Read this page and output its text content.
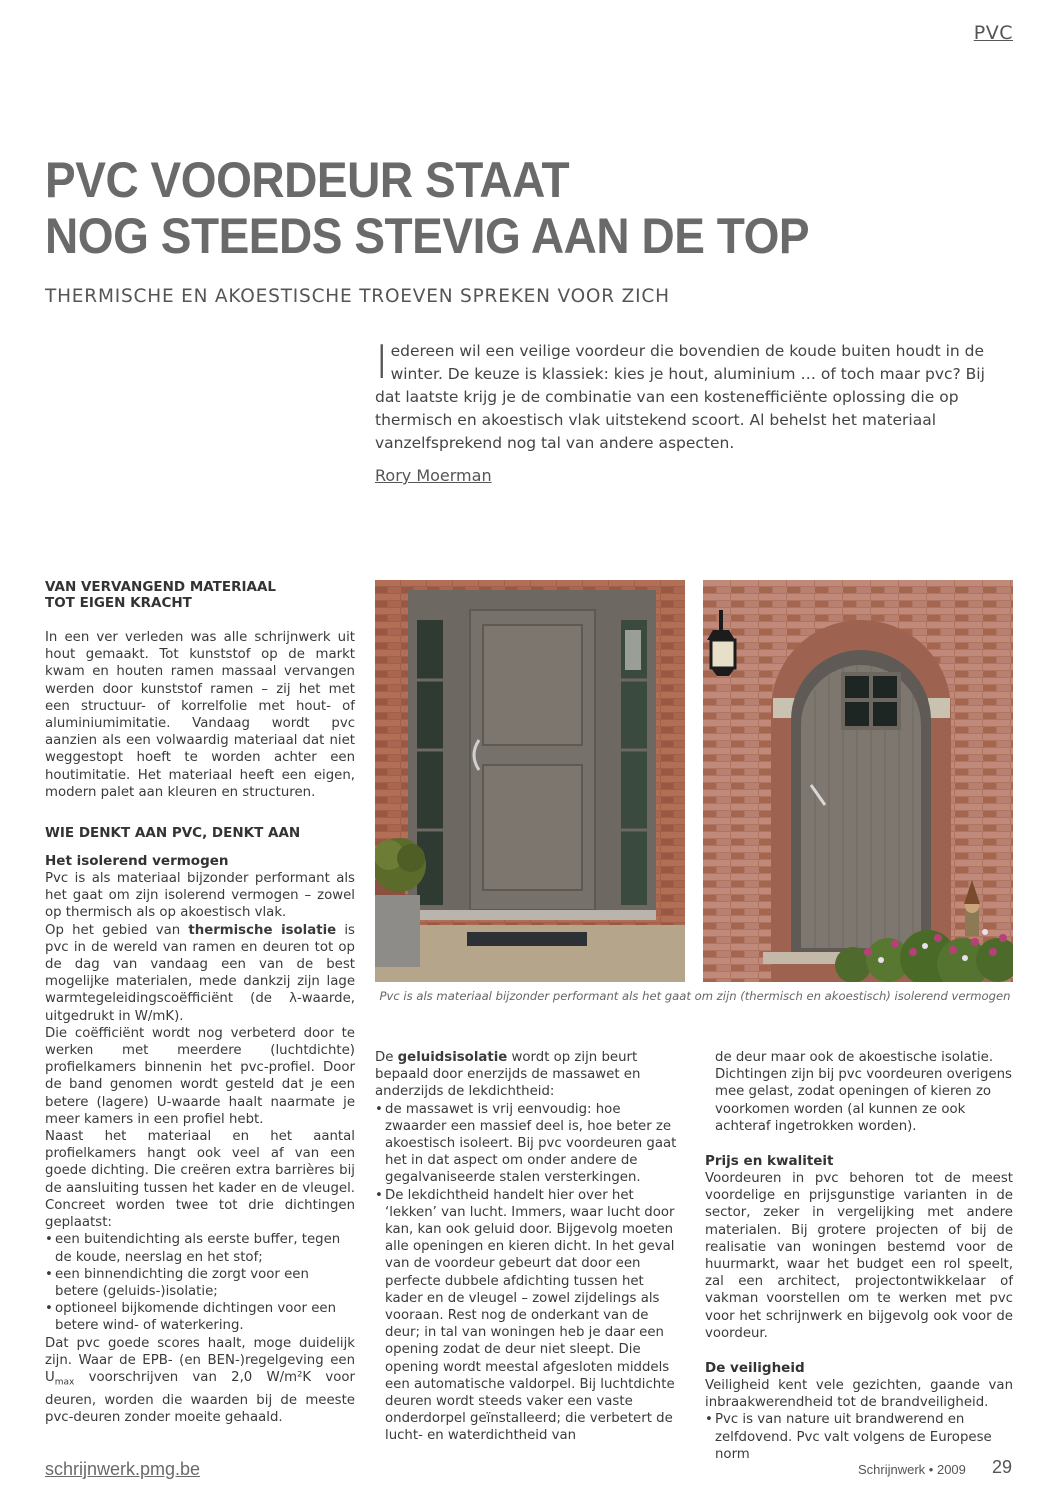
PVC
PVC VOORDEUR STAAT
NOG STEEDS STEVIG AAN DE TOP
THERMISCHE EN AKOESTISCHE TROEVEN SPREKEN VOOR ZICH
I edereen wil een veilige voordeur die bovendien de koude buiten houdt in de winter. De keuze is klassiek: kies je hout, aluminium … of toch maar pvc? Bij dat laatste krijg je de combinatie van een kostenefficiënte oplossing die op thermisch en akoestisch vlak uitstekend scoort. Al behelst het materiaal vanzelfsprekend nog tal van andere aspecten.
Rory Moerman
VAN VERVANGEND MATERIAAL TOT EIGEN KRACHT

In een ver verleden was alle schrijnwerk uit hout gemaakt. Tot kunststof op de markt kwam en houten ramen massaal vervangen werden door kunststof ramen – zij het met een structuur- of korrelfolie met hout- of aluminiumimitatie. Vandaag wordt pvc aanzien als een volwaardig materiaal dat niet weggestopt hoeft te worden achter een houtimitatie. Het materiaal heeft een eigen, modern palet aan kleuren en structuren.

WIE DENKT AAN PVC, DENKT AAN
Het isolerend vermogen

Pvc is als materiaal bijzonder performant als het gaat om zijn isolerend vermogen – zowel op thermisch als op akoestisch vlak.

Op het gebied van thermische isolatie is pvc in de wereld van ramen en deuren tot op de dag van vandaag een van de best mogelijke materialen, mede dankzij zijn lage warmtegeleidingscoëfficiënt (de λ-waarde, uitgedrukt in W/mK).

Die coëfficiënt wordt nog verbeterd door te werken met meerdere (luchtdichte) profielkamers binnenin het pvc-profiel. Door de band genomen wordt gesteld dat je een betere (lagere) U-waarde haalt naarmate je meer kamers in een profiel hebt.

Naast het materiaal en het aantal profielkamers hangt ook veel af van een goede dichting. Die creëren extra barrières bij de aansluiting tussen het kader en de vleugel. Concreet worden twee tot drie dichtingen geplaatst:

• een buitendichting als eerste buffer, tegen de koude, neerslag en het stof;
• een binnendichting die zorgt voor een betere (geluids-)isolatie;
• optioneel bijkomende dichtingen voor een betere wind- of waterkering.

Dat pvc goede scores haalt, moge duidelijk zijn. Waar de EPB- (en BEN-)regelgeving een $U_{max}$ voorschrijven van 2,0 W/m²K voor deuren, worden die waarden bij de meeste pvc-deuren zonder moeite gehaald.

Pvc is als materiaal bijzonder performant als het gaat om zijn (thermisch en akoestisch) isolerend vermogen

De geluidsisolatie wordt op zijn beurt bepaald door enerzijds de massawet en anderzijds de lekdichtheid:

• de massawet is vrij eenvoudig: hoe zwaarder een massief deel is, hoe beter ze akoestisch isoleert. Bij pvc voordeuren gaat het in dat aspect om onder andere de gegalvaniseerde stalen versterkingen.
• De lekdichtheid handelt hier over het ‘lekken’ van lucht. Immers, waar lucht door kan, kan ook geluid door. Bijgevolg moeten alle openingen en kieren dicht. In het geval van de voordeur gebeurt dat door een perfecte dubbele afdichting tussen het kader en de vleugel – zowel zijdelings als vooraan. Rest nog de onderkant van de deur; in tal van woningen heb je daar een opening zodat de deur niet sleept. Die opening wordt meestal afgesloten middels een automatische valdorpel. Bij luchtdichte deuren wordt steeds vaker een vaste onderdorpel geïnstalleerd; die verbetert de lucht- en waterdichtheid van

de deur maar ook de akoestische isolatie. Dichtingen zijn bij pvc voordeuren overigens mee gelast, zodat openingen of kieren zo voorkomen worden (al kunnen ze ook achteraf ingetrokken worden).

Prijs en kwaliteit

Voordeuren in pvc behoren tot de meest voordelige en prijsgunstige varianten in de sector, zeker in vergelijking met andere materialen. Bij grotere projecten of bij de realisatie van woningen bestemd voor de huurmarkt, waar het budget een rol speelt, zal een architect, projectontwikkelaar of vakman voorstellen om te werken met pvc voor het schrijnwerk en bijgevolg ook voor de voordeur.

De veiligheid

Veiligheid kent vele gezichten, gaande van inbraakwerendheid tot de brandveiligheid.

• Pvc is van nature uit brandwerend en zelfdovend. Pvc valt volgens de Europese norm
schrijnwerk.pmg.be	Schrijnwerk • 2009 29
